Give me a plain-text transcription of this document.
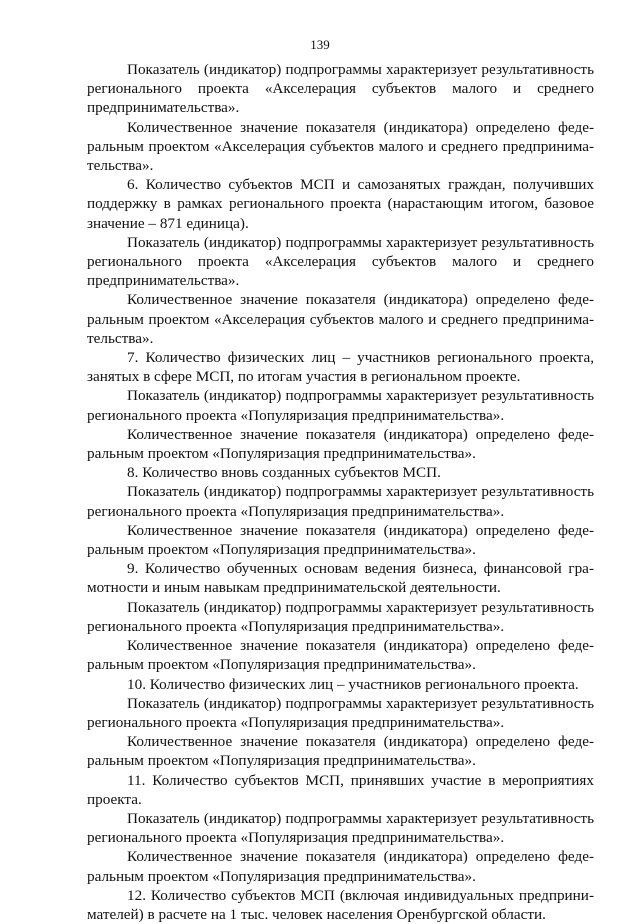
139

Показатель (индикатор) подпрограммы характеризует результативность регионального проекта «Акселерация субъектов малого и среднего предпринимательства».

Количественное значение показателя (индикатора) определено федеральным проектом «Акселерация субъектов малого и среднего предпринимательства».

6. Количество субъектов МСП и самозанятых граждан, получивших поддержку в рамках регионального проекта (нарастающим итогом, базовое значение – 871 единица).

Показатель (индикатор) подпрограммы характеризует результативность регионального проекта «Акселерация субъектов малого и среднего предпринимательства».

Количественное значение показателя (индикатора) определено федеральным проектом «Акселерация субъектов малого и среднего предпринимательства».

7. Количество физических лиц – участников регионального проекта, занятых в сфере МСП, по итогам участия в региональном проекте.

Показатель (индикатор) подпрограммы характеризует результативность регионального проекта «Популяризация предпринимательства».

Количественное значение показателя (индикатора) определено федеральным проектом «Популяризация предпринимательства».

8. Количество вновь созданных субъектов МСП.

Показатель (индикатор) подпрограммы характеризует результативность регионального проекта «Популяризация предпринимательства».

Количественное значение показателя (индикатора) определено федеральным проектом «Популяризация предпринимательства».

9. Количество обученных основам ведения бизнеса, финансовой грамотности и иным навыкам предпринимательской деятельности.

Показатель (индикатор) подпрограммы характеризует результативность регионального проекта «Популяризация предпринимательства».

Количественное значение показателя (индикатора) определено федеральным проектом «Популяризация предпринимательства».

10. Количество физических лиц – участников регионального проекта.

Показатель (индикатор) подпрограммы характеризует результативность регионального проекта «Популяризация предпринимательства».

Количественное значение показателя (индикатора) определено федеральным проектом «Популяризация предпринимательства».

11. Количество субъектов МСП, принявших участие в мероприятиях проекта.

Показатель (индикатор) подпрограммы характеризует результативность регионального проекта «Популяризация предпринимательства».

Количественное значение показателя (индикатора) определено федеральным проектом «Популяризация предпринимательства».

12. Количество субъектов МСП (включая индивидуальных предпринимателей) в расчете на 1 тыс. человек населения Оренбургской области.
